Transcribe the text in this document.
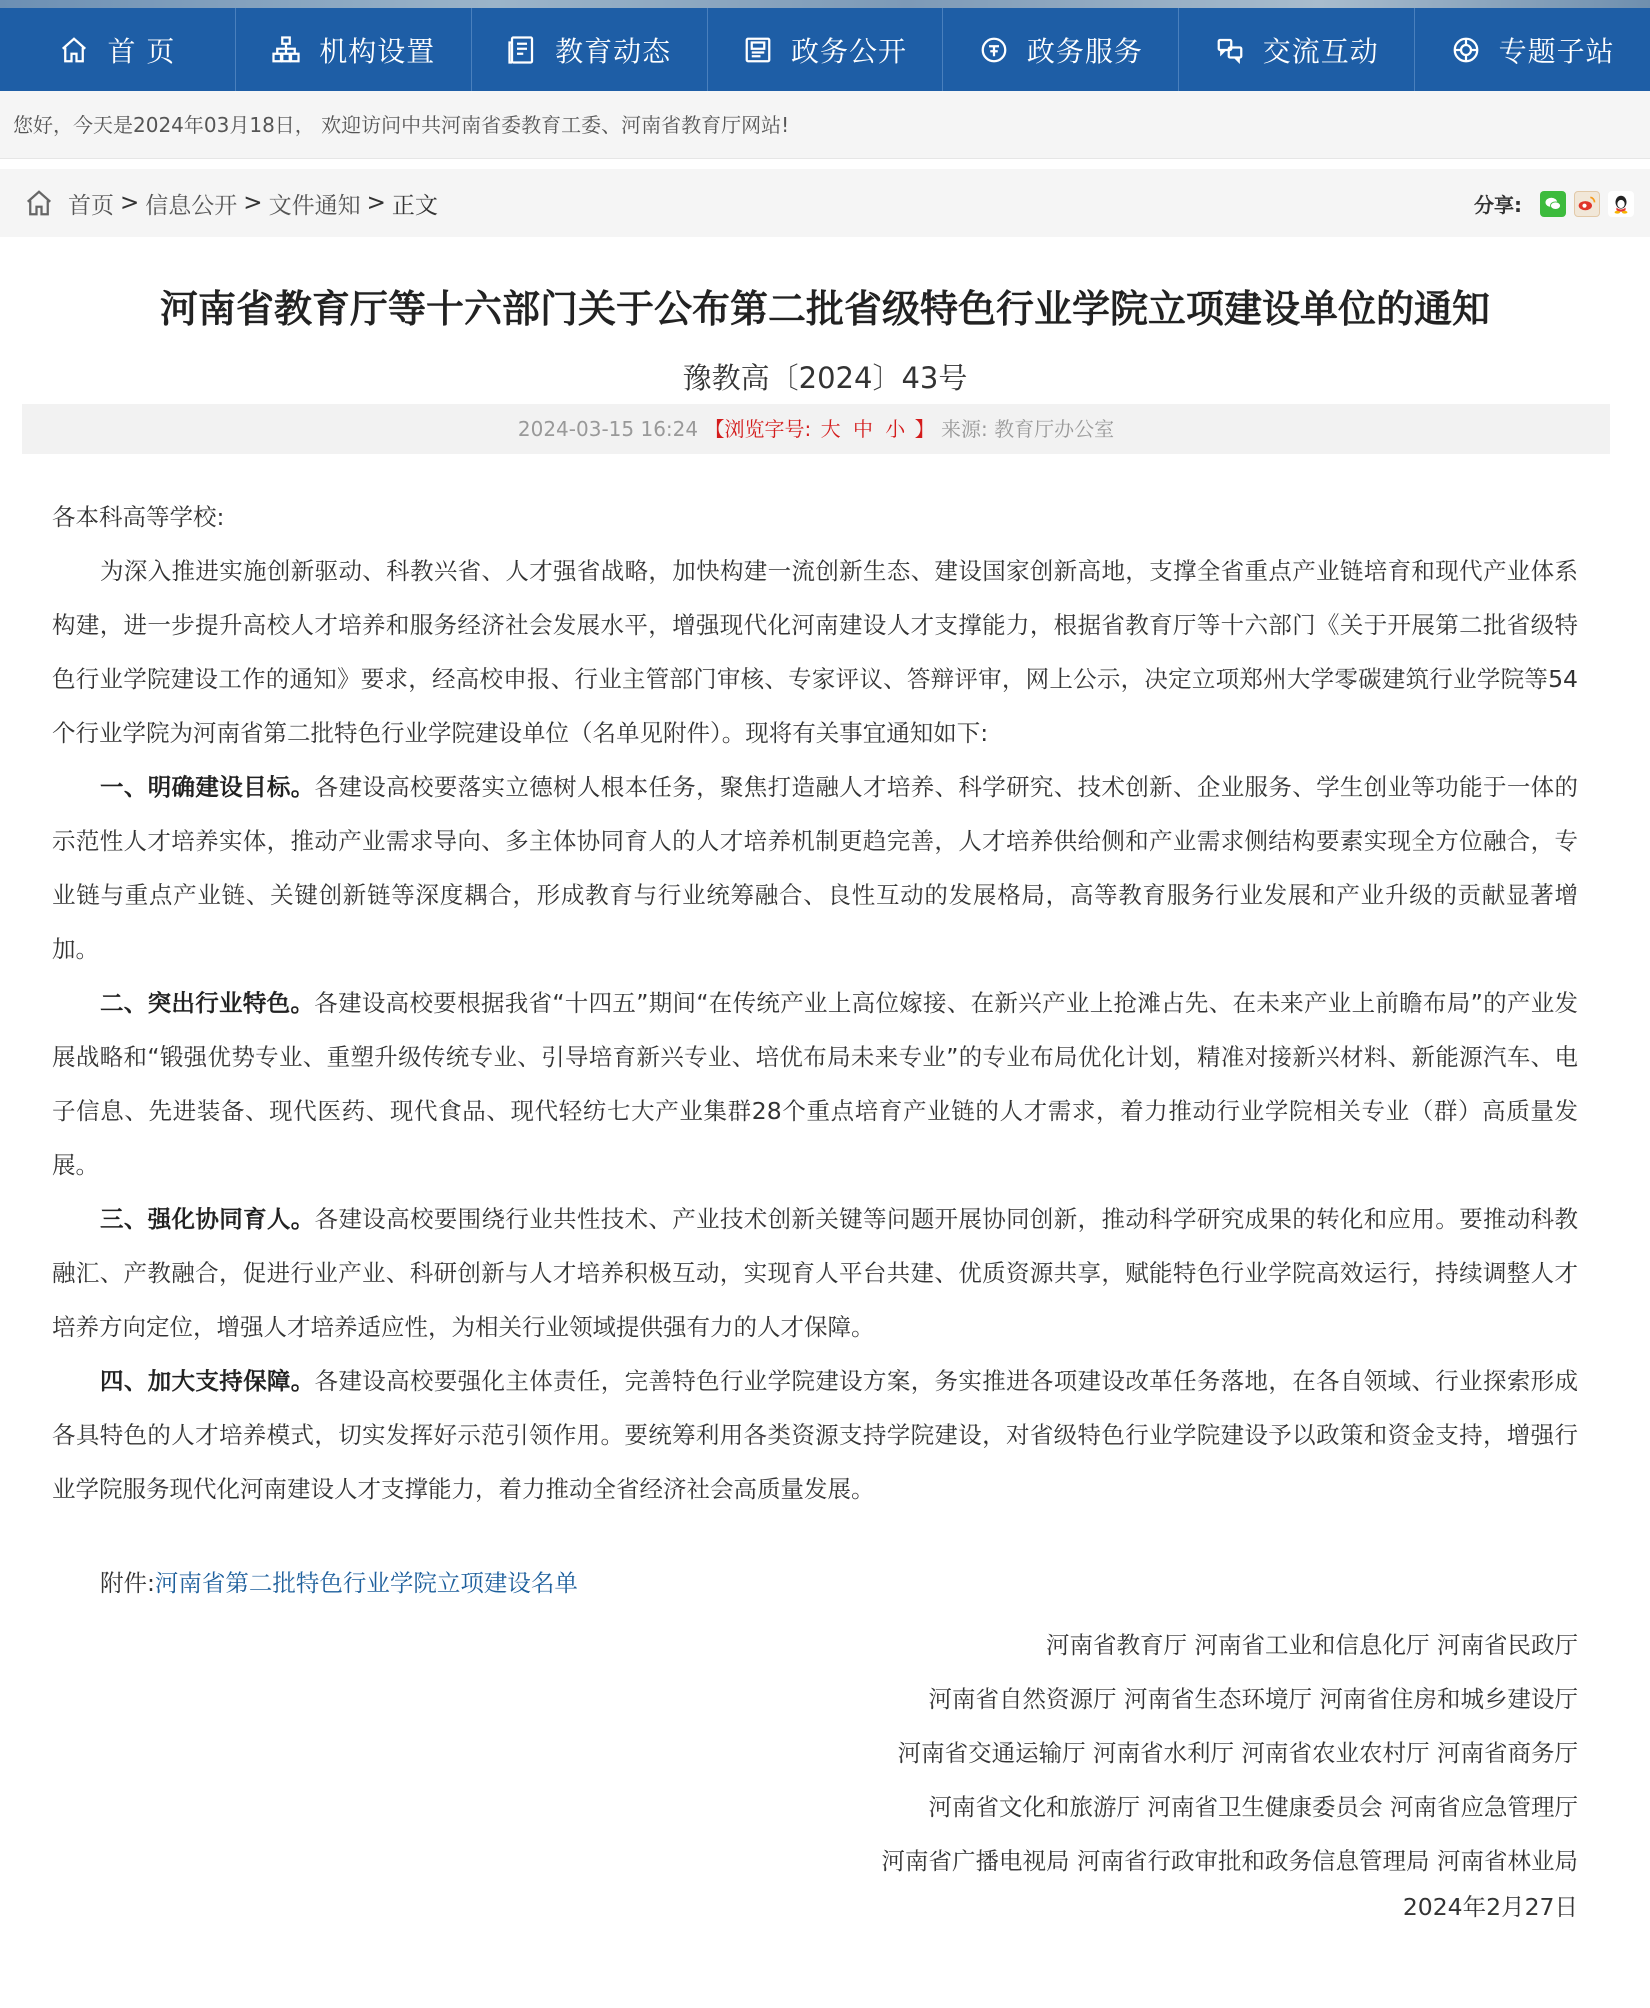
首 页	机构设置	教育动态	政务公开	政务服务	交流互动	专题子站
您好，今天是2024年03月18日， 欢迎访问中共河南省委教育工委、河南省教育厅网站!
首页 > 信息公开 > 文件通知 > 正文	分享:
河南省教育厅等十六部门关于公布第二批省级特色行业学院立项建设单位的通知
豫教高〔2024〕43号
2024-03-15 16:24 【浏览字号: 大 中 小 】 来源: 教育厅办公室

各本科高等学校:

为深入推进实施创新驱动、科教兴省、人才强省战略，加快构建一流创新生态、建设国家创新高地，支撑全省重点产业链培育和现代产业体系构建，进一步提升高校人才培养和服务经济社会发展水平，增强现代化河南建设人才支撑能力，根据省教育厅等十六部门《关于开展第二批省级特色行业学院建设工作的通知》要求，经高校申报、行业主管部门审核、专家评议、答辩评审，网上公示，决定立项郑州大学零碳建筑行业学院等54个行业学院为河南省第二批特色行业学院建设单位（名单见附件）。现将有关事宜通知如下:

一、明确建设目标。各建设高校要落实立德树人根本任务，聚焦打造融人才培养、科学研究、技术创新、企业服务、学生创业等功能于一体的示范性人才培养实体，推动产业需求导向、多主体协同育人的人才培养机制更趋完善，人才培养供给侧和产业需求侧结构要素实现全方位融合，专业链与重点产业链、关键创新链等深度耦合，形成教育与行业统筹融合、良性互动的发展格局，高等教育服务行业发展和产业升级的贡献显著增加。

二、突出行业特色。各建设高校要根据我省“十四五”期间“在传统产业上高位嫁接、在新兴产业上抢滩占先、在未来产业上前瞻布局”的产业发展战略和“锻强优势专业、重塑升级传统专业、引导培育新兴专业、培优布局未来专业”的专业布局优化计划，精准对接新兴材料、新能源汽车、电子信息、先进装备、现代医药、现代食品、现代轻纺七大产业集群28个重点培育产业链的人才需求，着力推动行业学院相关专业（群）高质量发展。

三、强化协同育人。各建设高校要围绕行业共性技术、产业技术创新关键等问题开展协同创新，推动科学研究成果的转化和应用。要推动科教融汇、产教融合，促进行业产业、科研创新与人才培养积极互动，实现育人平台共建、优质资源共享，赋能特色行业学院高效运行，持续调整人才培养方向定位，增强人才培养适应性，为相关行业领域提供强有力的人才保障。

四、加大支持保障。各建设高校要强化主体责任，完善特色行业学院建设方案，务实推进各项建设改革任务落地，在各自领域、行业探索形成各具特色的人才培养模式，切实发挥好示范引领作用。要统筹利用各类资源支持学院建设，对省级特色行业学院建设予以政策和资金支持，增强行业学院服务现代化河南建设人才支撑能力，着力推动全省经济社会高质量发展。

附件:河南省第二批特色行业学院立项建设名单
河南省教育厅 河南省工业和信息化厅 河南省民政厅
河南省自然资源厅 河南省生态环境厅 河南省住房和城乡建设厅
河南省交通运输厅 河南省水利厅 河南省农业农村厅 河南省商务厅
河南省文化和旅游厅 河南省卫生健康委员会 河南省应急管理厅
河南省广播电视局 河南省行政审批和政务信息管理局 河南省林业局
2024年2月27日
